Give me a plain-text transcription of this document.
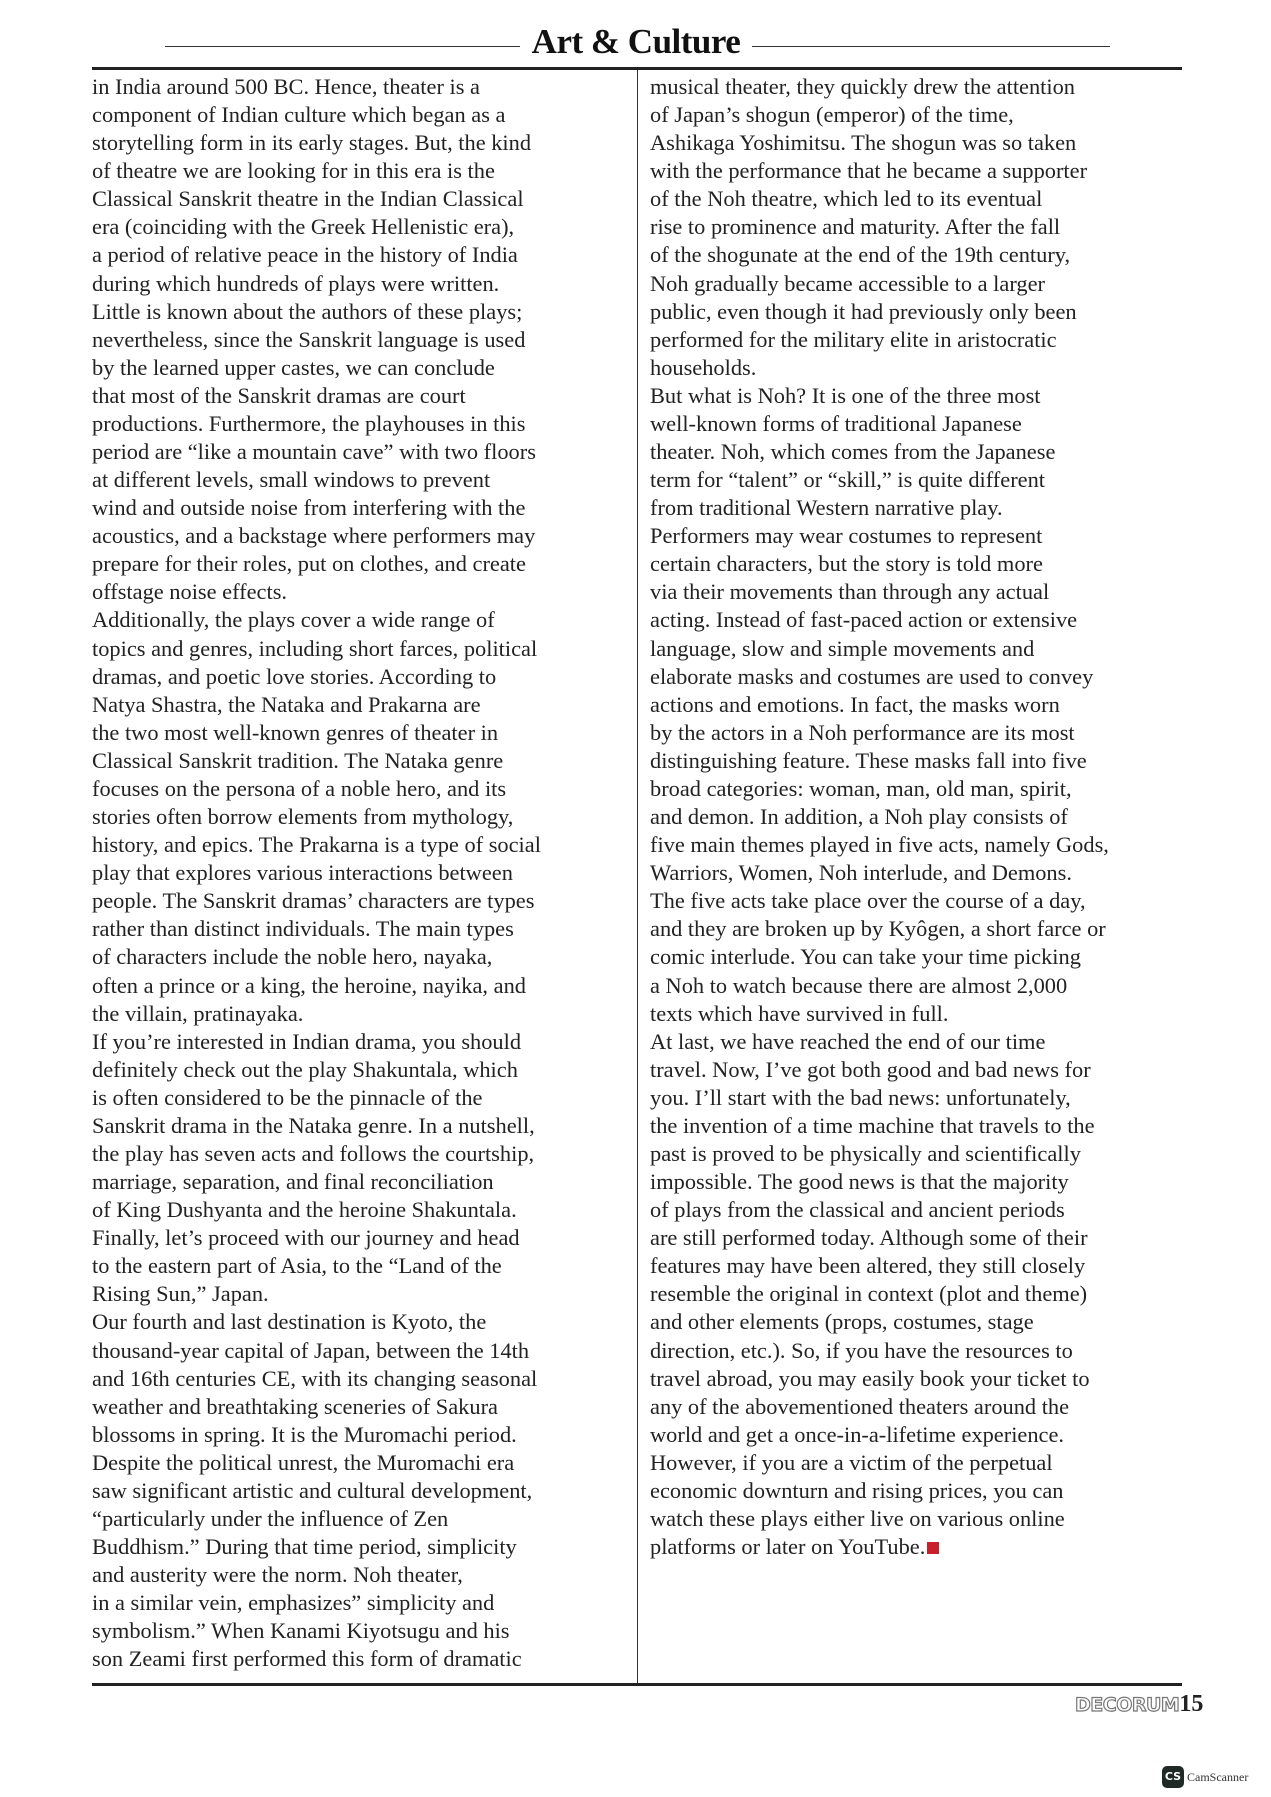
Art & Culture
in India around 500 BC. Hence, theater is a
component of Indian culture which began as a
storytelling form in its early stages. But, the kind
of theatre we are looking for in this era is the
Classical Sanskrit theatre in the Indian Classical
era (coinciding with the Greek Hellenistic era),
a period of relative peace in the history of India
during which hundreds of plays were written.
Little is known about the authors of these plays;
nevertheless, since the Sanskrit language is used
by the learned upper castes, we can conclude
that most of the Sanskrit dramas are court
productions. Furthermore, the playhouses in this
period are “like a mountain cave” with two floors
at different levels, small windows to prevent
wind and outside noise from interfering with the
acoustics, and a backstage where performers may
prepare for their roles, put on clothes, and create
offstage noise effects.
Additionally, the plays cover a wide range of
topics and genres, including short farces, political
dramas, and poetic love stories. According to
Natya Shastra, the Nataka and Prakarna are
the two most well-known genres of theater in
Classical Sanskrit tradition. The Nataka genre
focuses on the persona of a noble hero, and its
stories often borrow elements from mythology,
history, and epics. The Prakarna is a type of social
play that explores various interactions between
people. The Sanskrit dramas’ characters are types
rather than distinct individuals. The main types
of characters include the noble hero, nayaka,
often a prince or a king, the heroine, nayika, and
the villain, pratinayaka.
If you’re interested in Indian drama, you should
definitely check out the play Shakuntala, which
is often considered to be the pinnacle of the
Sanskrit drama in the Nataka genre. In a nutshell,
the play has seven acts and follows the courtship,
marriage, separation, and final reconciliation
of King Dushyanta and the heroine Shakuntala.
Finally, let’s proceed with our journey and head
to the eastern part of Asia, to the “Land of the
Rising Sun,” Japan.
Our fourth and last destination is Kyoto, the
thousand-year capital of Japan, between the 14th
and 16th centuries CE, with its changing seasonal
weather and breathtaking sceneries of Sakura
blossoms in spring. It is the Muromachi period.
Despite the political unrest, the Muromachi era
saw significant artistic and cultural development,
“particularly under the influence of Zen
Buddhism.” During that time period, simplicity
and austerity were the norm. Noh theater,
in a similar vein, emphasizes” simplicity and
symbolism.” When Kanami Kiyotsugu and his
son Zeami first performed this form of dramatic
musical theater, they quickly drew the attention
of Japan’s shogun (emperor) of the time,
Ashikaga Yoshimitsu. The shogun was so taken
with the performance that he became a supporter
of the Noh theatre, which led to its eventual
rise to prominence and maturity. After the fall
of the shogunate at the end of the 19th century,
Noh gradually became accessible to a larger
public, even though it had previously only been
performed for the military elite in aristocratic
households.
But what is Noh? It is one of the three most
well-known forms of traditional Japanese
theater. Noh, which comes from the Japanese
term for “talent” or “skill,” is quite different
from traditional Western narrative play.
Performers may wear costumes to represent
certain characters, but the story is told more
via their movements than through any actual
acting. Instead of fast-paced action or extensive
language, slow and simple movements and
elaborate masks and costumes are used to convey
actions and emotions. In fact, the masks worn
by the actors in a Noh performance are its most
distinguishing feature. These masks fall into five
broad categories: woman, man, old man, spirit,
and demon. In addition, a Noh play consists of
five main themes played in five acts, namely Gods,
Warriors, Women, Noh interlude, and Demons.
The five acts take place over the course of a day,
and they are broken up by Kyôgen, a short farce or
comic interlude. You can take your time picking
a Noh to watch because there are almost 2,000
texts which have survived in full.
At last, we have reached the end of our time
travel. Now, I’ve got both good and bad news for
you. I’ll start with the bad news: unfortunately,
the invention of a time machine that travels to the
past is proved to be physically and scientifically
impossible. The good news is that the majority
of plays from the classical and ancient periods
are still performed today. Although some of their
features may have been altered, they still closely
resemble the original in context (plot and theme)
and other elements (props, costumes, stage
direction, etc.). So, if you have the resources to
travel abroad, you may easily book your ticket to
any of the abovementioned theaters around the
world and get a once-in-a-lifetime experience.
However, if you are a victim of the perpetual
economic downturn and rising prices, you can
watch these plays either live on various online
platforms or later on YouTube.
DECORUM15
CS CamScanner
